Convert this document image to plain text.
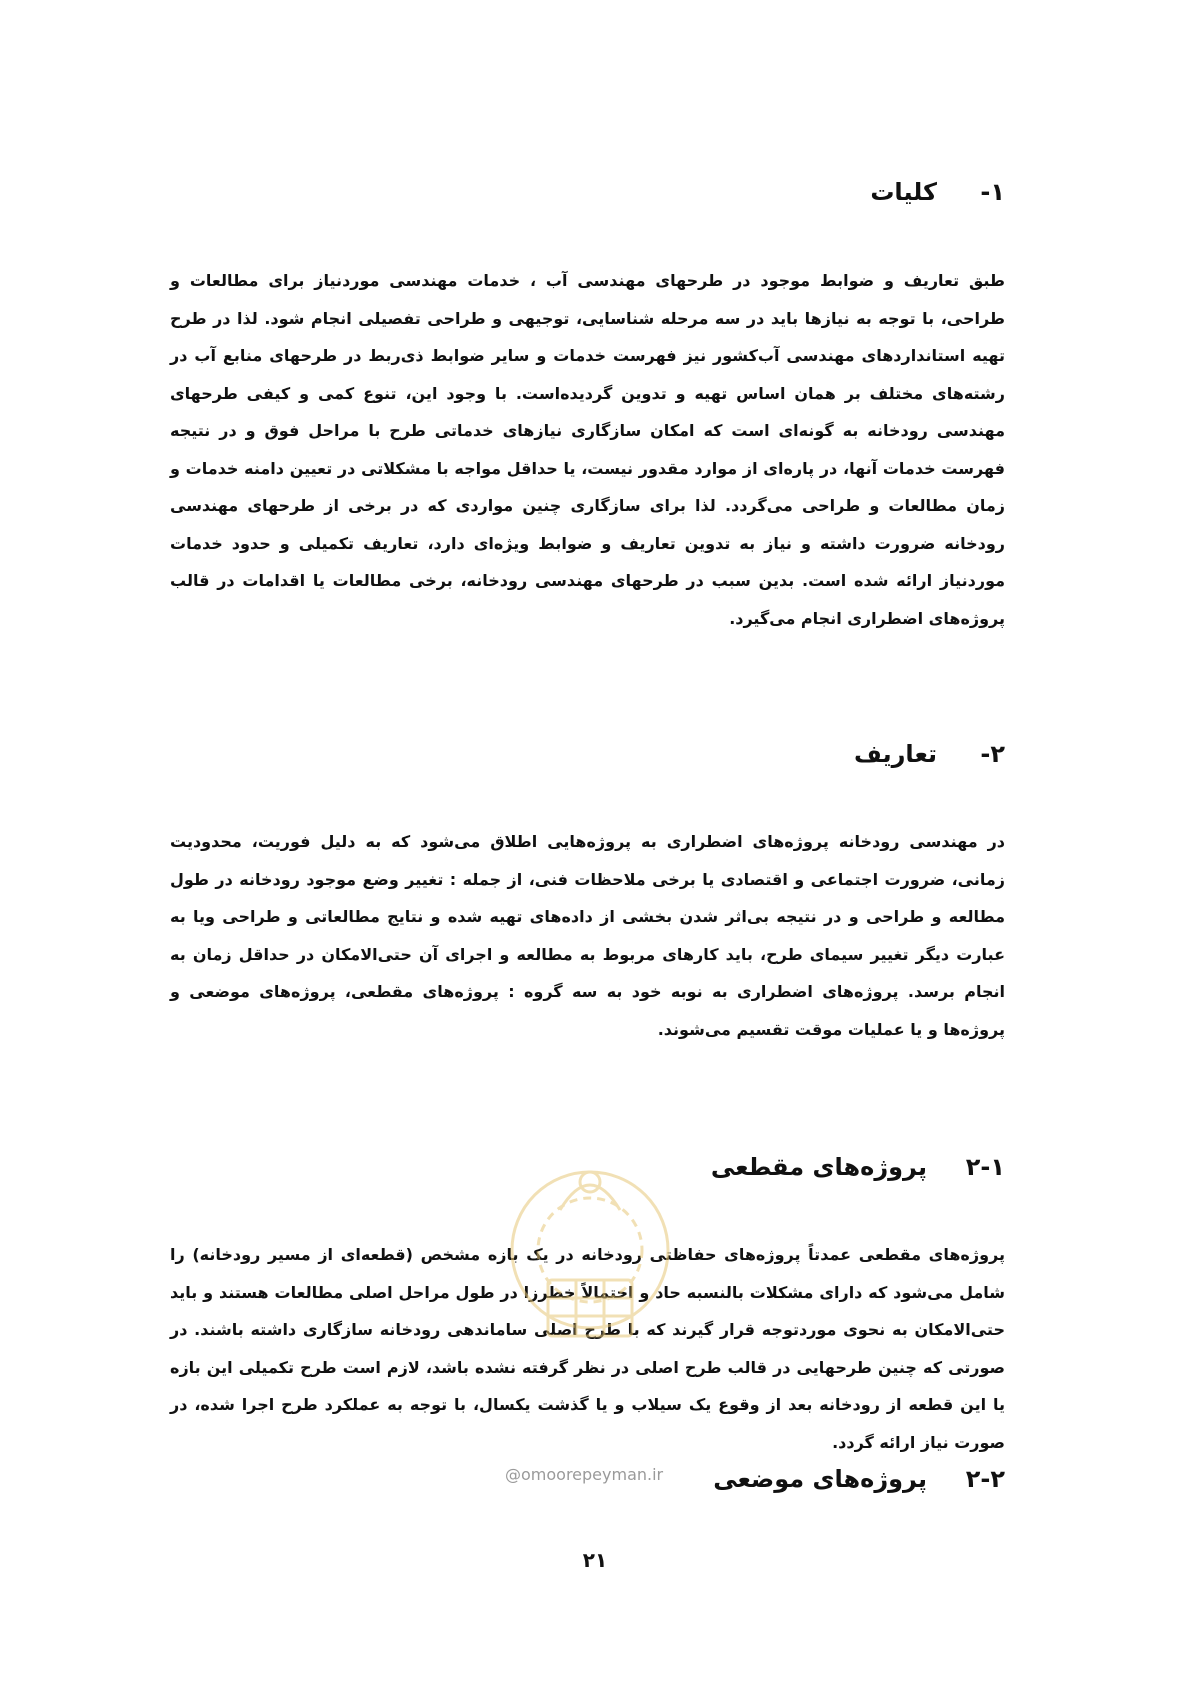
۱-
کلیات
طبق تعاریف و ضوابط موجود در طرحهای مهندسی آب ، خدمات مهندسی موردنیاز برای مطالعات و طراحی، با توجه به نیازها باید در سه مرحله شناسایی، توجیهی و طراحی تفصیلی انجام شود. لذا در طرح تهیه استانداردهای مهندسی آب‌کشور نیز فهرست خدمات و سایر ضوابط ذی‌ربط در طرحهای منابع آب در رشته‌های مختلف بر همان اساس تهیه و تدوین گردیده‌است. با وجود این، تنوع کمی و کیفی طرحهای مهندسی رودخانه به گونه‌ای است که امکان سازگاری نیازهای خدماتی طرح با مراحل فوق و در نتیجه فهرست خدمات آنها، در پاره‌ای از موارد مقدور نیست، یا حداقل مواجه با مشکلاتی در تعیین دامنه خدمات و زمان مطالعات و طراحی می‌گردد. لذا برای سازگاری چنین مواردی که در برخی از طرحهای مهندسی رودخانه ضرورت داشته و نیاز به تدوین تعاریف و ضوابط ویژه‌ای دارد، تعاریف تکمیلی و حدود خدمات موردنیاز ارائه شده است. بدین سبب در طرحهای مهندسی رودخانه، برخی مطالعات یا اقدامات در قالب پروژه‌های اضطراری انجام می‌گیرد.
۲-
تعاریف
در مهندسی رودخانه پروژه‌های اضطراری به پروژه‌هایی اطلاق می‌شود که به دلیل فوریت، محدودیت زمانی، ضرورت اجتماعی و اقتصادی یا برخی ملاحظات فنی، از جمله : تغییر وضع موجود رودخانه در طول مطالعه و طراحی و در نتیجه بی‌اثر شدن بخشی از داده‌های تهیه شده و نتایج مطالعاتی و طراحی ویا به عبارت دیگر تغییر سیمای طرح، باید کارهای مربوط به مطالعه و اجرای آن حتی‌الامکان در حداقل زمان به انجام برسد. پروژه‌های اضطراری به نوبه خود به سه گروه : پروژه‌های مقطعی، پروژه‌های موضعی و پروژه‌ها و یا عملیات موقت تقسیم می‌شوند.
۲-۱
پروژه‌های مقطعی
پروژه‌های مقطعی عمدتاً پروژه‌های حفاظتی رودخانه در یک بازه مشخص (قطعه‌ای از مسیر رودخانه) را شامل می‌شود که دارای مشکلات بالنسبه حاد و احتمالاً خطرزا در طول مراحل اصلی مطالعات هستند و باید حتی‌الامکان به نحوی موردتوجه قرار گیرند که با طرح اصلی ساماندهی رودخانه سازگاری داشته باشند. در صورتی که چنین طرحهایی در قالب طرح اصلی در نظر گرفته نشده باشد، لازم است طرح تکمیلی این بازه یا این قطعه از رودخانه بعد از وقوع یک سیلاب و یا گذشت یکسال، با توجه به عملکرد طرح اجرا شده، در صورت نیاز ارائه گردد.
۲-۲
پروژه‌های موضعی
@omoorepeyman.ir
۲۱
